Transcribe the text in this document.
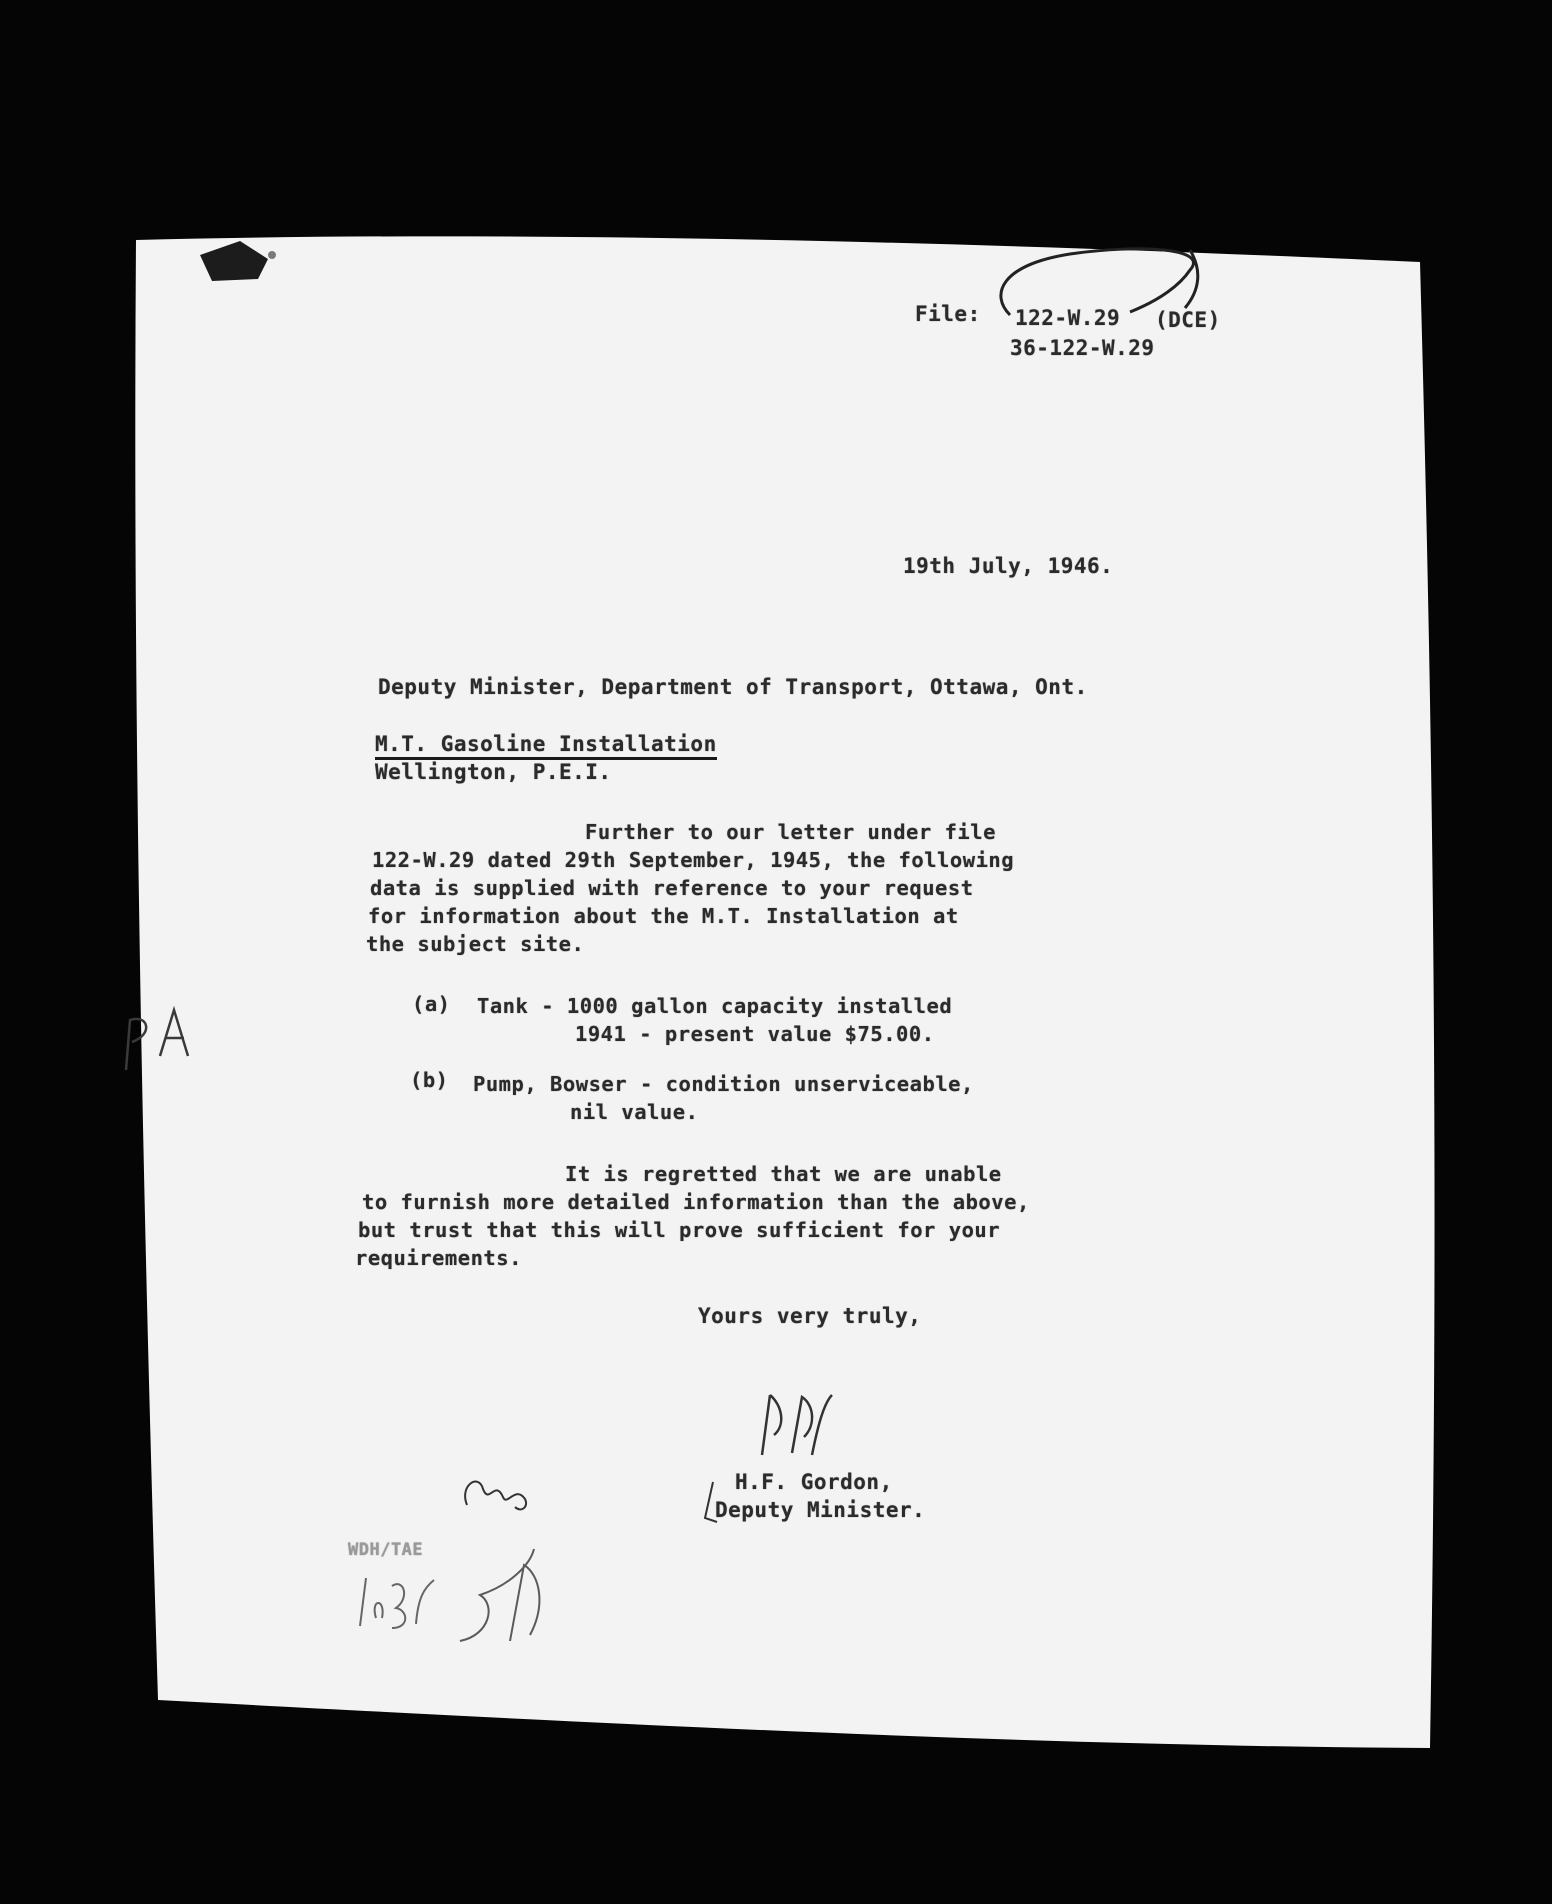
File: 122-W.29 (DCE)
36-122-W.29
19th July, 1946.
Deputy Minister, Department of Transport, Ottawa, Ont.
M.T. Gasoline Installation
Wellington, P.E.I.
Further to our letter under file
122-W.29 dated 29th September, 1945, the following
data is supplied with reference to your request
for information about the M.T. Installation at
the subject site.
(a) Tank - 1000 gallon capacity installed
1941 - present value $75.00.
(b) Pump, Bowser - condition unserviceable,
nil value.
It is regretted that we are unable
to furnish more detailed information than the above,
but trust that this will prove sufficient for your
requirements.
Yours very truly,
H.F. Gordon,
Deputy Minister.
WDH/TAE
